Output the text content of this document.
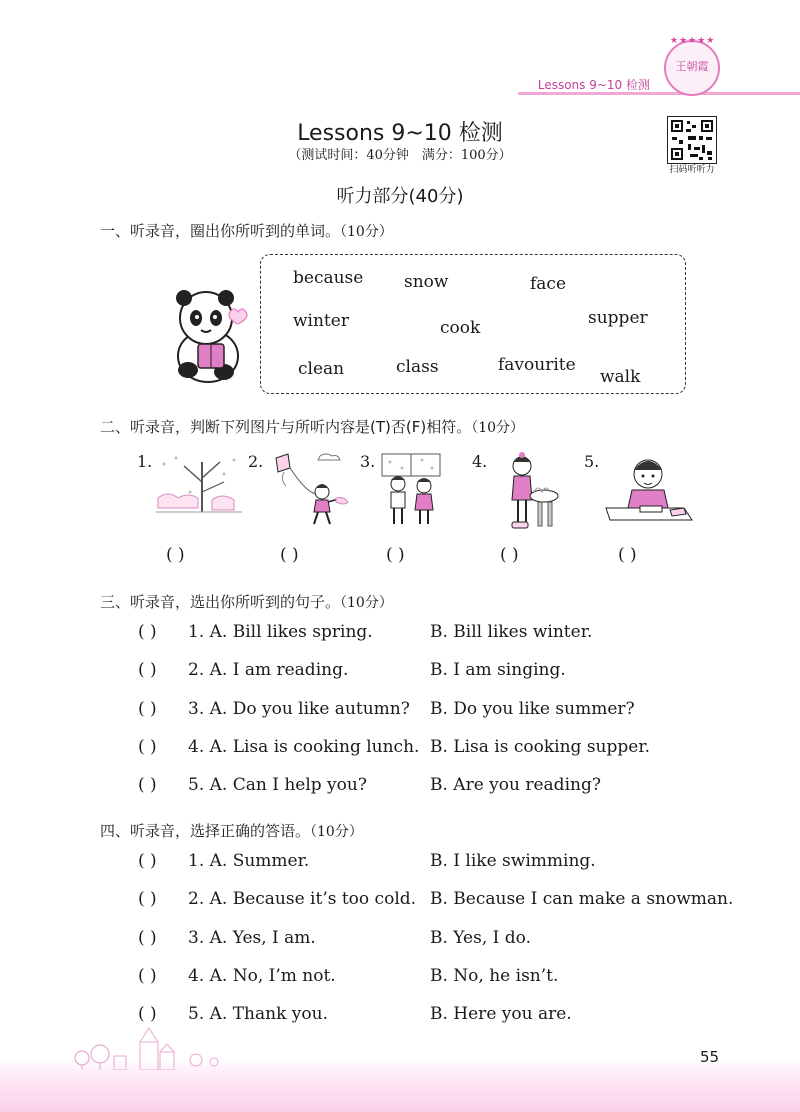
Lessons 9~10 检测
★★★★★
王朝霞
Lessons 9~10 检测
（测试时间：40分钟　满分：100分）
扫码听听力
听力部分(40分)
一、听录音，圈出你所听到的单词。（10分）
because snow	face
winter	cook	supper
clean	class	favourite
walk
二、听录音，判断下列图片与所听内容是(T)否(F)相符。（10分）
1.	2.	3.	4.	5.
( )	( )	( )	( )	( )
三、听录音，选出你所听到的句子。（10分）
( ) 1. A. Bill likes spring.	B. Bill likes winter.
( ) 2. A. I am reading.	B. I am singing.
( ) 3. A. Do you like autumn? B. Do you like summer?
( ) 4. A. Lisa is cooking lunch. B. Lisa is cooking supper.
( ) 5. A. Can I help you?	B. Are you reading?
四、听录音，选择正确的答语。（10分）
( ) 1. A. Summer.	B. I like swimming.
( ) 2. A. Because it’s too cold. B. Because I can make a snowman.
( ) 3. A. Yes, I am.	B. Yes, I do.
( ) 4. A. No, I’m not.	B. No, he isn’t.
( ) 5. A. Thank you.	B. Here you are.
55
